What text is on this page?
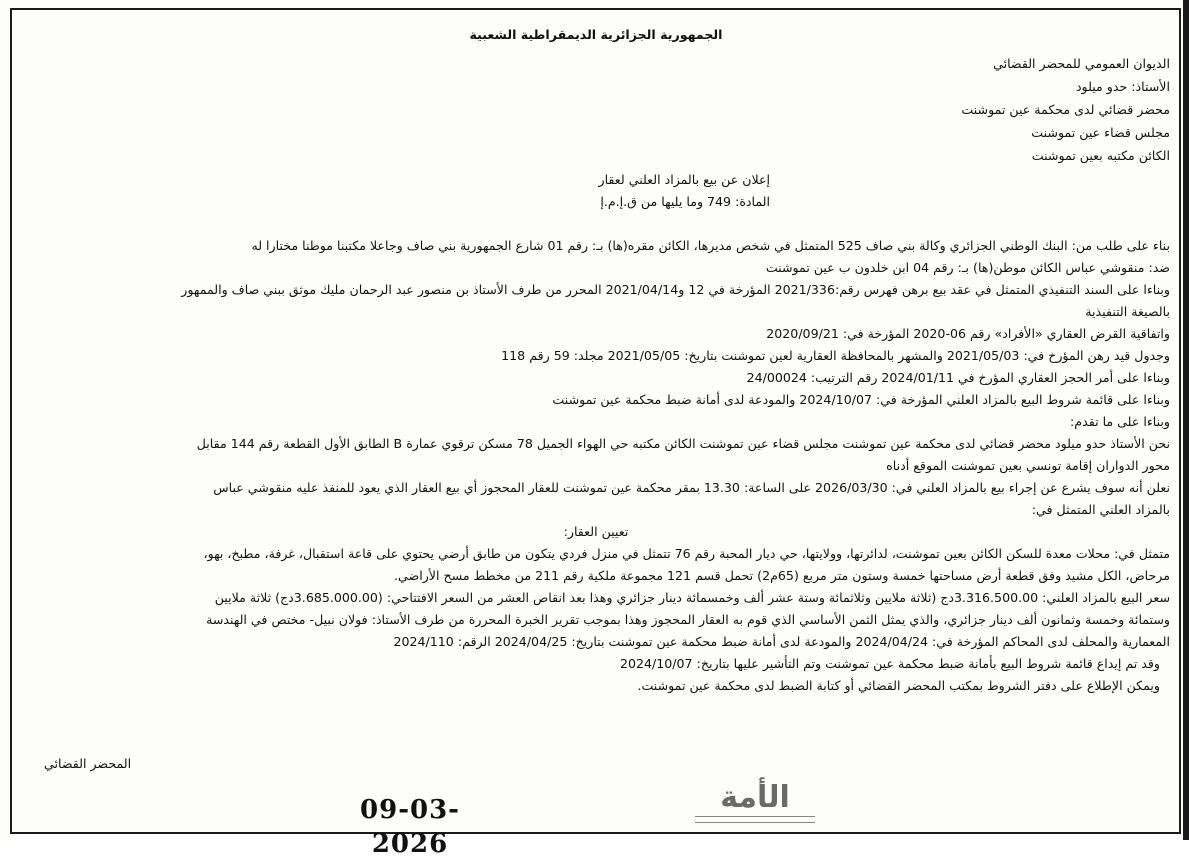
الجمهورية الجزائرية الديمقراطية الشعبية
الديوان العمومي للمحضر القضائي
الأستاذ: حدو ميلود
محضر قضائي لدى محكمة عين تموشنت
مجلس قضاء عين تموشنت
الكائن مكتبه بعين تموشنت
إعلان عن بيع بالمزاد العلني لعقار
المادة: 749 وما يليها من ق.إ.م.إ
بناء على طلب من: البنك الوطني الجزائري وكالة بني صاف 525 المتمثل في شخص مديرها، الكائن مقره(ها) بـ: رقم 01 شارع الجمهورية بني صاف وجاعلا مكتبنا موطنا مختارا له
ضد: منقوشي عباس الكائن موطن(ها) بـ: رقم 04 ابن خلدون ب عين تموشنت
وبناءا على السند التنفيذي المتمثل في عقد بيع برهن فهرس رقم:2021/336 المؤرخة في 12 و2021/04/14 المحرر من طرف الأستاذ بن منصور عبد الرحمان مليك موثق ببني صاف والممهور
بالصيغة التنفيذية
واتفاقية القرض العقاري «الأفراد» رقم 06-2020 المؤرخة في: 2020/09/21
وجدول قيد رهن المؤرخ في: 2021/05/03 والمشهر بالمحافظة العقارية لعين تموشنت بتاريخ: 2021/05/05 مجلد: 59 رقم 118
وبناءا على أمر الحجز العقاري المؤرخ في 2024/01/11 رقم الترتيب: 24/00024
وبناءا على قائمة شروط البيع بالمزاد العلني المؤرخة في: 2024/10/07 والمودعة لدى أمانة ضبط محكمة عين تموشنت
وبناءا على ما تقدم:
نحن الأستاذ حدو ميلود محضر قضائي لدى محكمة عين تموشنت مجلس قضاء عين تموشنت الكائن مكتبه حي الهواء الجميل 78 مسكن ترقوي عمارة B الطابق الأول القطعة رقم 144 مقابل
محور الدواران إقامة تونسي بعين تموشنت الموقع أدناه
نعلن أنه سوف يشرع عن إجراء بيع بالمزاد العلني في: 2026/03/30 على الساعة: 13.30 بمقر محكمة عين تموشنت للعقار المحجوز أي بيع العقار الذي يعود للمنفذ عليه منقوشي عباس
بالمزاد العلني المتمثل في:
تعيين العقار:
متمثل في: محلات معدة للسكن الكائن بعين تموشنت، لدائرتها، وولايتها، حي ديار المحبة رقم 76 تتمثل في منزل فردي يتكون من طابق أرضي يحتوي على قاعة استقبال، غرفة، مطبخ، بهو،
مرحاض، الكل مشيد وفق قطعة أرض مساحتها خمسة وستون متر مربع (65م2) تحمل قسم 121 مجموعة ملكية رقم 211 من مخطط مسح الأراضي.
سعر البيع بالمزاد العلني: 3.316.500.00دج (ثلاثة ملايين وثلاثمائة وستة عشر ألف وخمسمائة دينار جزائري وهذا بعد انقاص العشر من السعر الافتتاحي: (3.685.000.00دج) ثلاثة ملايين
وستمائة وخمسة وثمانون ألف دينار جزائري، والذي يمثل الثمن الأساسي الذي قوم به العقار المحجوز وهذا بموجب تقرير الخبرة المحررة من طرف الأستاذ: فولان نبيل- مختص في الهندسة
المعمارية والمحلف لدى المحاكم المؤرخة في: 2024/04/24 والمودعة لدى أمانة ضبط محكمة عين تموشنت بتاريخ: 2024/04/25 الرقم: 2024/110
وقد تم إيداع قائمة شروط البيع بأمانة ضبط محكمة عين تموشنت وتم التأشير عليها بتاريخ: 2024/10/07
ويمكن الإطلاع على دفتر الشروط بمكتب المحضر القضائي أو كتابة الضبط لدى محكمة عين تموشنت.
المحضر القضائي
09-03-2026
الأمة
